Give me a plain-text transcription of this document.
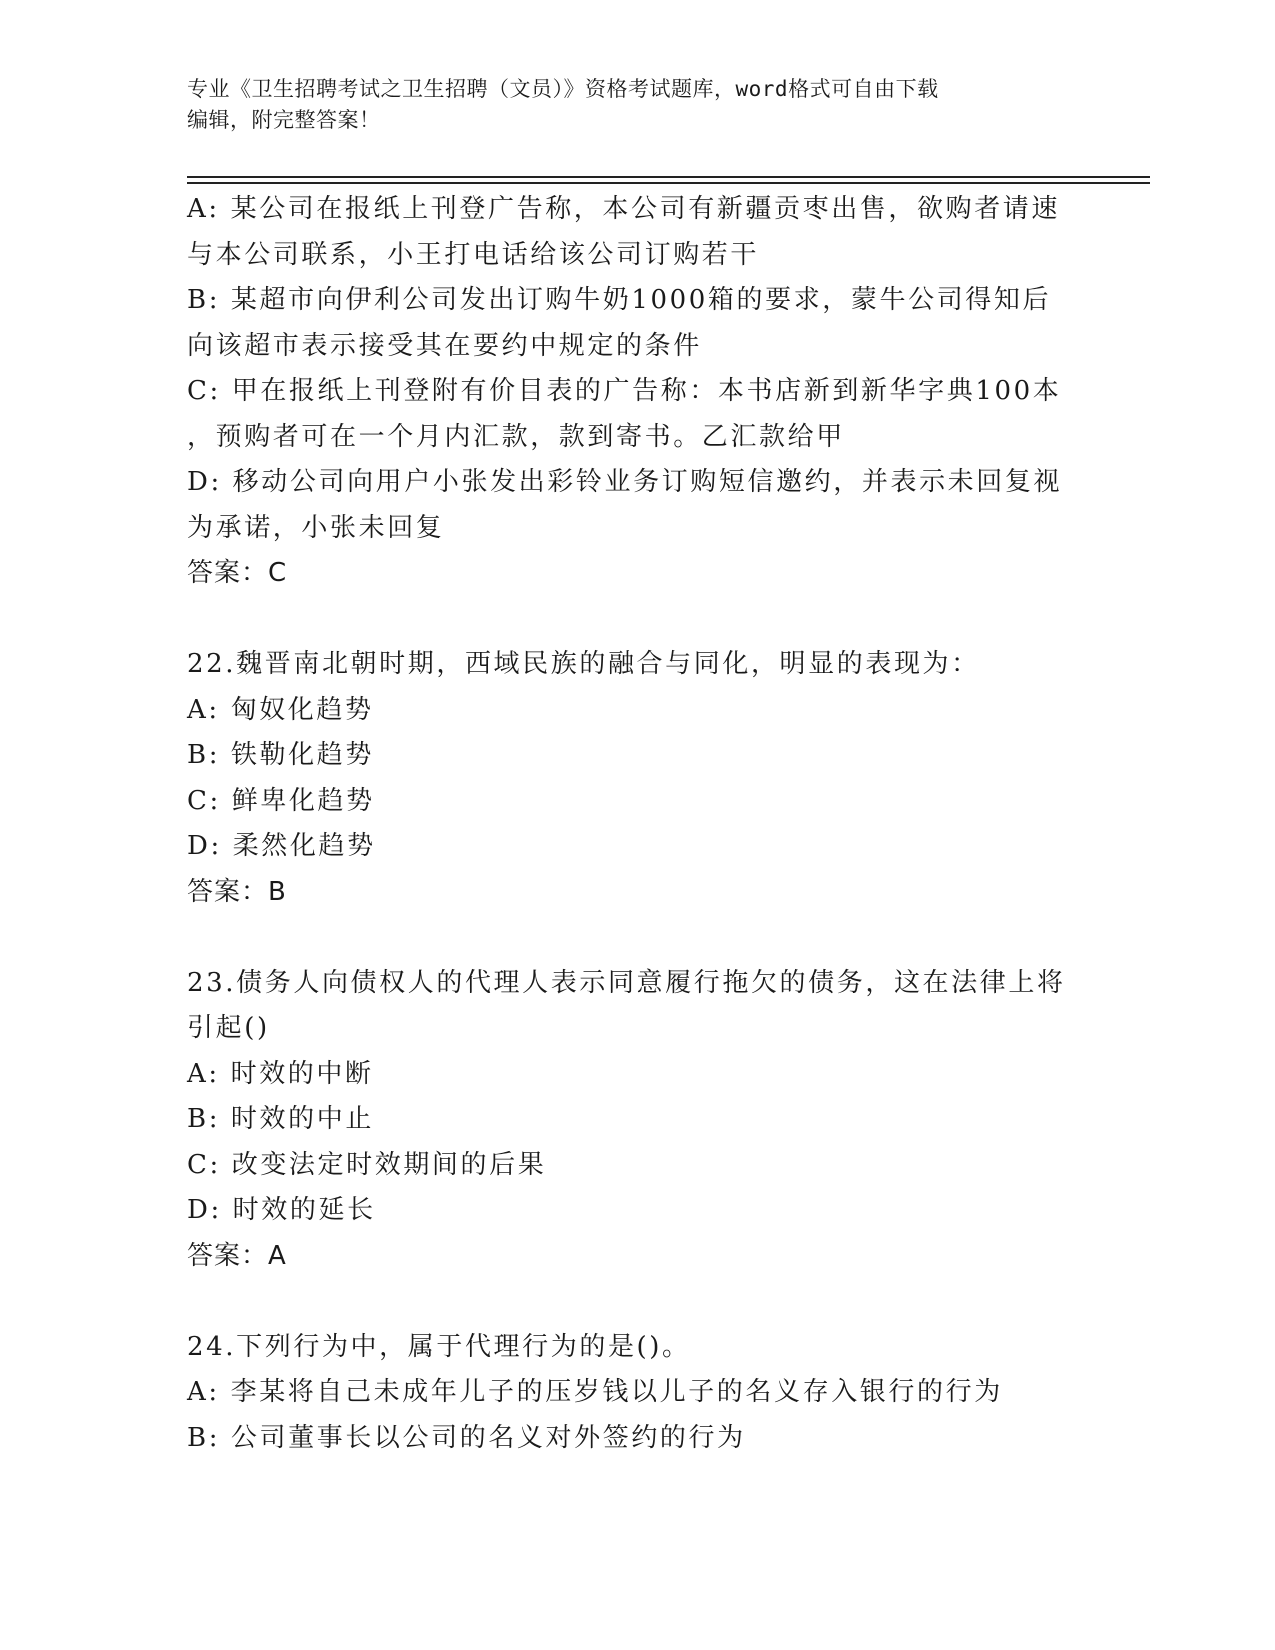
专业《卫生招聘考试之卫生招聘（文员）》资格考试题库，word格式可自由下载
编辑，附完整答案！
A: 某公司在报纸上刊登广告称，本公司有新疆贡枣出售，欲购者请速
与本公司联系，小王打电话给该公司订购若干
B: 某超市向伊利公司发出订购牛奶1000箱的要求，蒙牛公司得知后
向该超市表示接受其在要约中规定的条件
C: 甲在报纸上刊登附有价目表的广告称：本书店新到新华字典100本
，预购者可在一个月内汇款，款到寄书。乙汇款给甲
D: 移动公司向用户小张发出彩铃业务订购短信邀约，并表示未回复视
为承诺，小张未回复
答案：C
22.魏晋南北朝时期，西域民族的融合与同化，明显的表现为：
A: 匈奴化趋势
B: 铁勒化趋势
C: 鲜卑化趋势
D: 柔然化趋势
答案：B
23.债务人向债权人的代理人表示同意履行拖欠的债务，这在法律上将
引起()
A: 时效的中断
B: 时效的中止
C: 改变法定时效期间的后果
D: 时效的延长
答案：A
24.下列行为中，属于代理行为的是()。
A: 李某将自己未成年儿子的压岁钱以儿子的名义存入银行的行为
B: 公司董事长以公司的名义对外签约的行为
